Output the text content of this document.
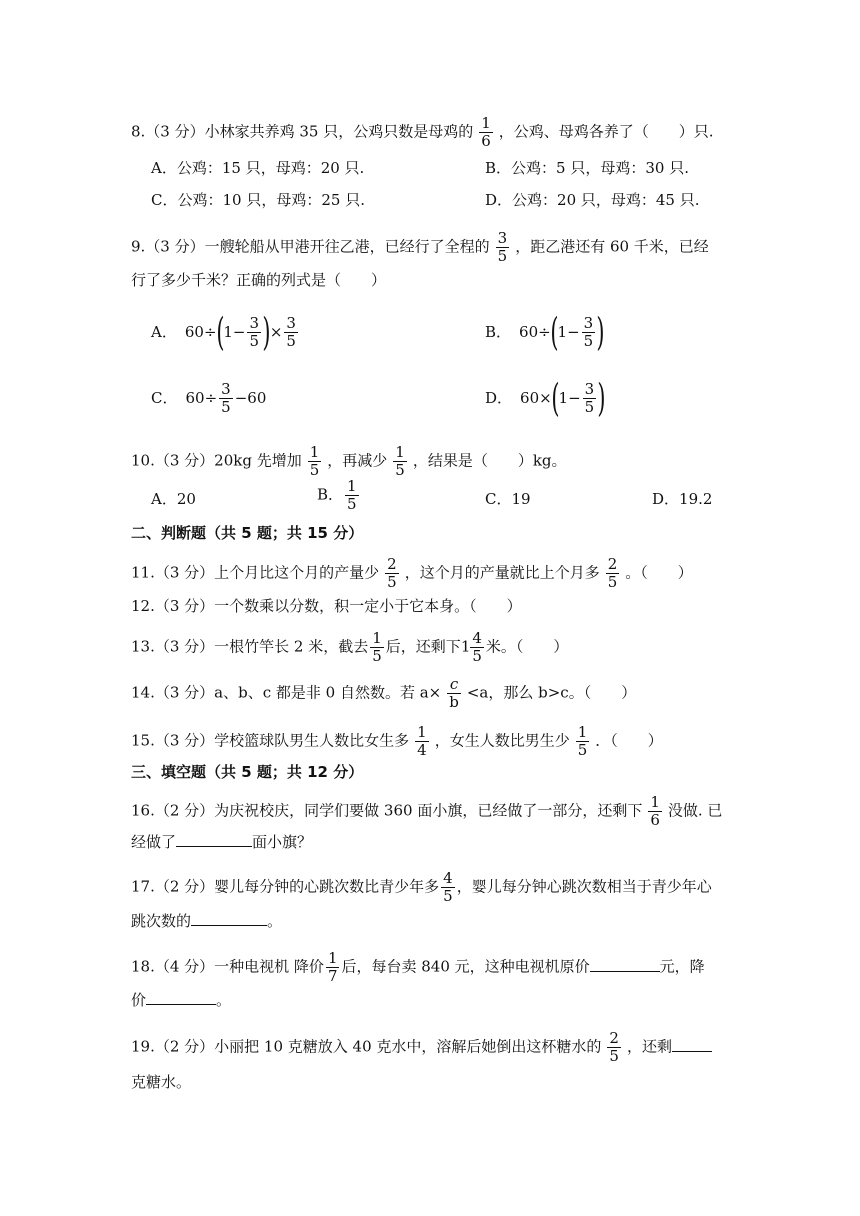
8.（3 分）小林家共养鸡 35 只，公鸡只数是母鸡的 $\frac{1}{6}$ ，公鸡、母鸡各养了（　　）只.
A．公鸡：15 只，母鸡：20 只.	B．公鸡：5 只，母鸡：30 只.
C．公鸡：10 只，母鸡：25 只.	D．公鸡：20 只，母鸡：45 只.
9.（3 分）一艘轮船从甲港开往乙港，已经行了全程的 $\frac{3}{5}$ ，距乙港还有 60 千米，已经
行了多少千米？正确的列式是（　　）
A． 60 ÷ ( $1 - \frac{3}{5}$ ) × $\frac{3}{5}$	B． 60 ÷ ( $1 - \frac{3}{5}$ )
C． $60 \div \frac{3}{5} -60$	D． 60 × ( $1 - \frac{3}{5}$ )
10.（3 分）20kg 先增加 $\frac{1}{5}$ ，再减少 $\frac{1}{5}$ ，结果是（　　）kg。
A．20	B． $\frac{1}{5}$	C．19	D．19.2
二、判断题（共 5 题；共 15 分）
11.（3 分）上个月比这个月的产量少 $\frac{2}{5}$ ，这个月的产量就比上个月多 $\frac{2}{5}$ 。（　　）
12.（3 分）一个数乘以分数，积一定小于它本身。（　　）
13.（3 分）一根竹竿长 2 米，截去 $\frac{1}{5}$ 后，还剩下$1 \frac{4}{5}$ 米。（　　）
14.（3 分）a、b、c 都是非 0 自然数。若 $a\times \frac{c}{b} <a$，那么 b>c。（　　）
15.（3 分）学校篮球队男生人数比女生多 $\frac{1}{4}$ ，女生人数比男生少 $\frac{1}{5}$ ．（　　）
三、填空题（共 5 题；共 12 分）
16.（2 分）为庆祝校庆，同学们要做 360 面小旗，已经做了一部分，还剩下 $\frac{1}{6}$ 没做. 已
经做了	面小旗？
17.（2 分）婴儿每分钟的心跳次数比青少年多 $\frac{4}{5}$ ，婴儿每分钟心跳次数相当于青少年心
跳次数的	。
18.（4 分）一种电视机 降价 $\frac{1}{7}$ 后，每台卖 840 元，这种电视机原价	元，降
价	。
19.（2 分）小丽把 10 克糖放入 40 克水中，溶解后她倒出这杯糖水的 $\frac{2}{5}$ ，还剩
克糖水。
